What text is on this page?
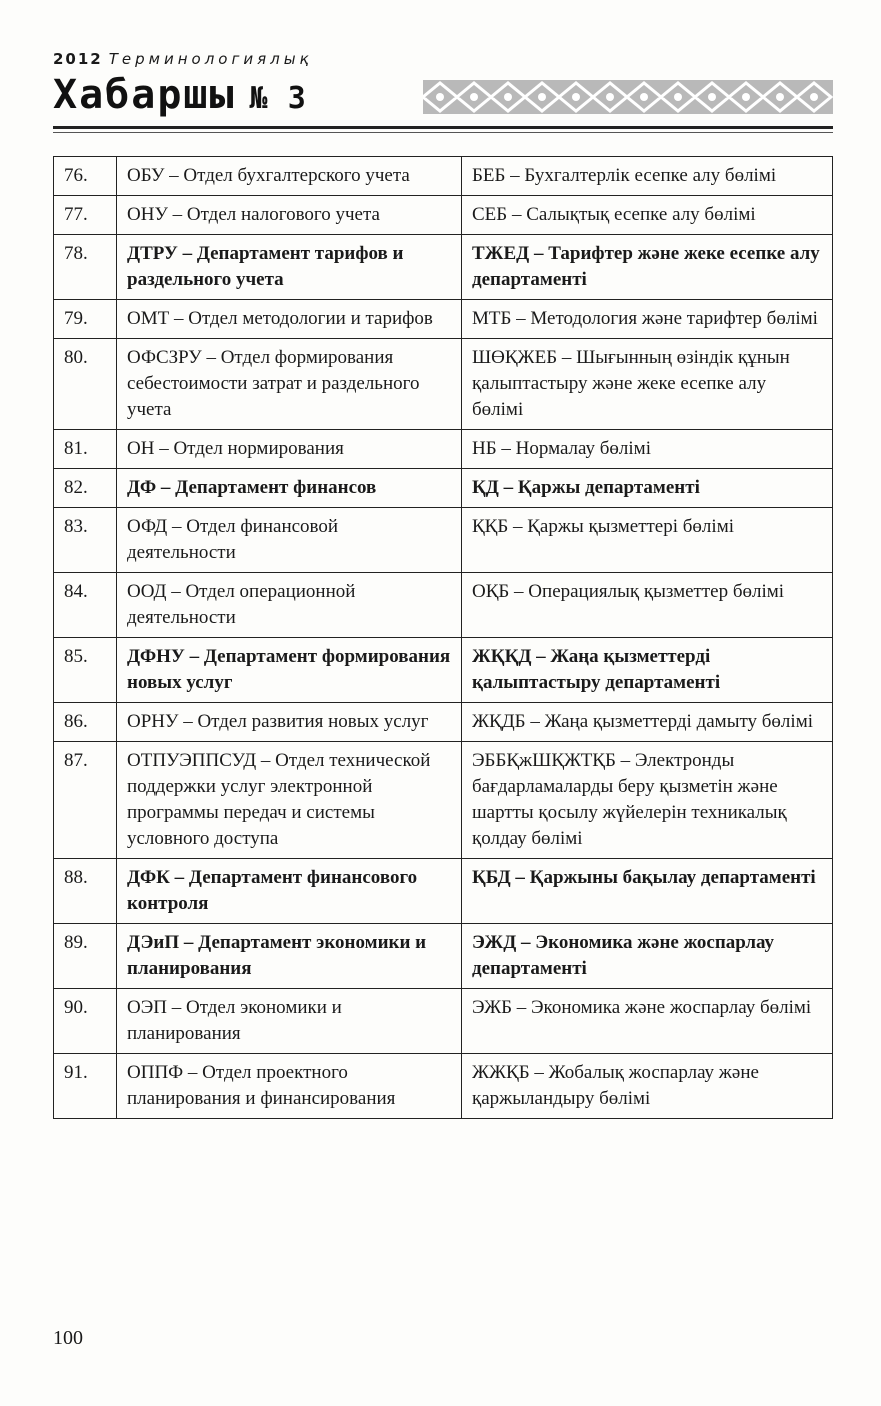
2012 Терминологиялық
Хабаршы № 3
76.	ОБУ – Отдел бухгалтерского учета	БЕБ – Бухгалтерлік есепке алу бөлімі
77.	ОНУ – Отдел налогового учета	СЕБ – Салықтық есепке алу бөлімі
78.	ДТРУ – Департамент тарифов и раздельного учета	ТЖЕД – Тарифтер және жеке есепке алу департаменті
79.	ОМТ – Отдел методологии и тарифов	МТБ – Методология және тарифтер бөлімі
80.	ОФСЗРУ – Отдел формирования себестоимости затрат и раздельного учета	ШӨҚЖЕБ – Шығынның өзіндік құнын қалыптастыру және жеке есепке алу бөлімі
81.	ОН – Отдел нормирования	НБ – Нормалау бөлімі
82.	ДФ – Департамент финансов	ҚД – Қаржы департаменті
83.	ОФД – Отдел финансовой деятельности	ҚҚБ – Қаржы қызметтері бөлімі
84.	ООД – Отдел операционной деятельности	ОҚБ – Операциялық қызметтер бөлімі
85.	ДФНУ – Департамент формирования новых услуг	ЖҚҚД – Жаңа қызметтерді қалыптастыру департаменті
86.	ОРНУ – Отдел развития новых услуг	ЖҚДБ – Жаңа қызметтерді дамыту бөлімі
87.	ОТПУЭППСУД – Отдел технической поддержки услуг электронной программы передач и системы условного доступа	ЭББҚжШҚЖТҚБ – Электронды бағдарламаларды беру қызметін және шартты қосылу жүйелерін техникалық қолдау бөлімі
88.	ДФК – Департамент финансового контроля	ҚБД – Қаржыны бақылау департаменті
89.	ДЭиП – Департамент экономики и планирования	ЭЖД – Экономика және жоспарлау департаменті
90.	ОЭП – Отдел экономики и планирования	ЭЖБ – Экономика және жоспарлау бөлімі
91.	ОППФ – Отдел проектного планирования и финансирования	ЖЖҚБ – Жобалық жоспарлау және қаржыландыру бөлімі
100
